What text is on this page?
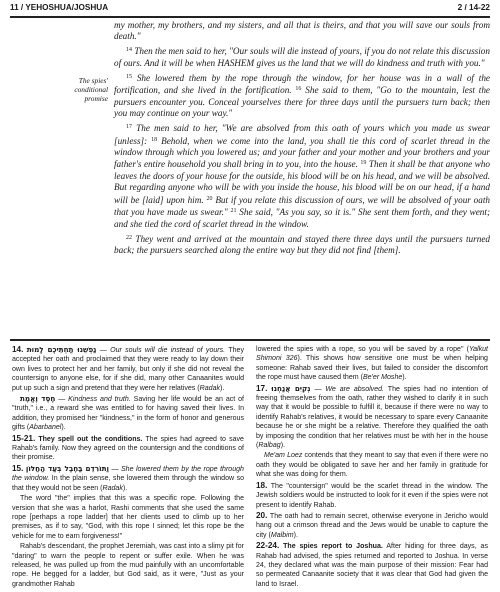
11 / YEHOSHUA/JOSHUA	2 / 14-22
The spies'
conditional
promise

my mother, my brothers, and my sisters, and all that is theirs, and that you will save our souls from death."

$^{14}$ Then the men said to her, "Our souls will die instead of yours, if you do not relate this discussion of ours. And it will be when HASHEM gives us the land that we will do kindness and truth with you."

$^{15}$ She lowered them by the rope through the window, for her house was in a wall of the fortification, and she lived in the fortification. $^{16}$ She said to them, "Go to the mountain, lest the pursuers encounter you. Conceal yourselves there for three days until the pursuers turn back; then you may continue on your way."

$^{17}$ The men said to her, "We are absolved from this oath of yours which you made us swear [unless]: $^{18}$ Behold, when we come into the land, you shall tie this cord of scarlet thread in the window through which you lowered us; and your father and your mother and your brothers and your father's entire household you shall bring in to you, into the house. $^{19}$ Then it shall be that anyone who leaves the doors of your house for the outside, his blood will be on his head, and we will be absolved. But regarding anyone who will be with you inside the house, his blood will be on our head, if a hand will be [laid] upon him. $^{20}$ But if you relate this discussion of ours, we will be absolved of your oath that you have made us swear." $^{21}$ She said, "As you say, so it is." She sent them forth, and they went; and she tied the cord of scarlet thread in the window.

$^{22}$ They went and arrived at the mountain and stayed there three days until the pursuers turned back; the pursuers searched along the entire way but they did not find [them].

14. נַפְשֵׁנוּ תַחְתֵּיכֶם לָמוּת — Our souls will die instead of yours. They accepted her oath and proclaimed that they were ready to lay down their own lives to protect her and her family, but only if she did not reveal the countersign to anyone else, for if she did, many other Canaanites would put up such a sign and pretend that they were her relatives (Radak).

חֶסֶד וֶאֱמֶת — Kindness and truth. Saving her life would be an act of "truth," i.e., a reward she was entitled to for having saved their lives. In addition, they promised her "kindness," in the form of honor and generous gifts (Abarbanel).

15-21. They spell out the conditions. The spies had agreed to save Rahab's family. Now they agreed on the countersign and the conditions of their promise.

15. וַתּוֹרִדֵם בַּחֶבֶל בְּעַד הַחַלּוֹן — She lowered them by the rope through the window. In the plain sense, she lowered them through the window so that they would not be seen (Radak).

The word "the" implies that this was a specific rope. Following the version that she was a harlot, Rashi comments that she used the same rope [perhaps a rope ladder] that her clients used to climb up to her premises, as if to say, "God, with this rope I sinned; let this rope be the vehicle for me to earn forgiveness!"

Rahab's descendant, the prophet Jeremiah, was cast into a slimy pit for "daring" to warn the people to repent or suffer exile. When he was released, he was pulled up from the mud painfully with an uncomfortable rope. He begged for a ladder, but God said, as it were, "Just as your grandmother Rahab

lowered the spies with a rope, so you will be saved by a rope" (Yalkut Shimoni 326). This shows how sensitive one must be when helping someone: Rahab saved their lives, but failed to consider the discomfort the rope must have caused them (Be'er Moshe).

17. נְקִיִּם אֲנַחְנוּ — We are absolved. The spies had no intention of freeing themselves from the oath, rather they wished to clarify it in such way that it would be possible to fulfill it, because if there were no way to identify Rahab's relatives, it would be necessary to spare every Canaanite because he or she might be a relative. Therefore they qualified the oath by imposing the condition that her relatives must be with her in the house (Ralbag).

Me'am Loez contends that they meant to say that even if there were no oath they would be obligated to save her and her family in gratitude for what she was doing for them.

18. The "countersign" would be the scarlet thread in the window. The Jewish soldiers would be instructed to look for it even if the spies were not present to identify Rahab.

20. The oath had to remain secret, otherwise everyone in Jericho would hang out a crimson thread and the Jews would be unable to capture the city (Malbim).

22-24. The spies report to Joshua. After hiding for three days, as Rahab had advised, the spies returned and reported to Joshua. In verse 24, they declared what was the main purpose of their mission: Fear had so permeated Canaanite society that it was clear that God had given the land to Israel.
